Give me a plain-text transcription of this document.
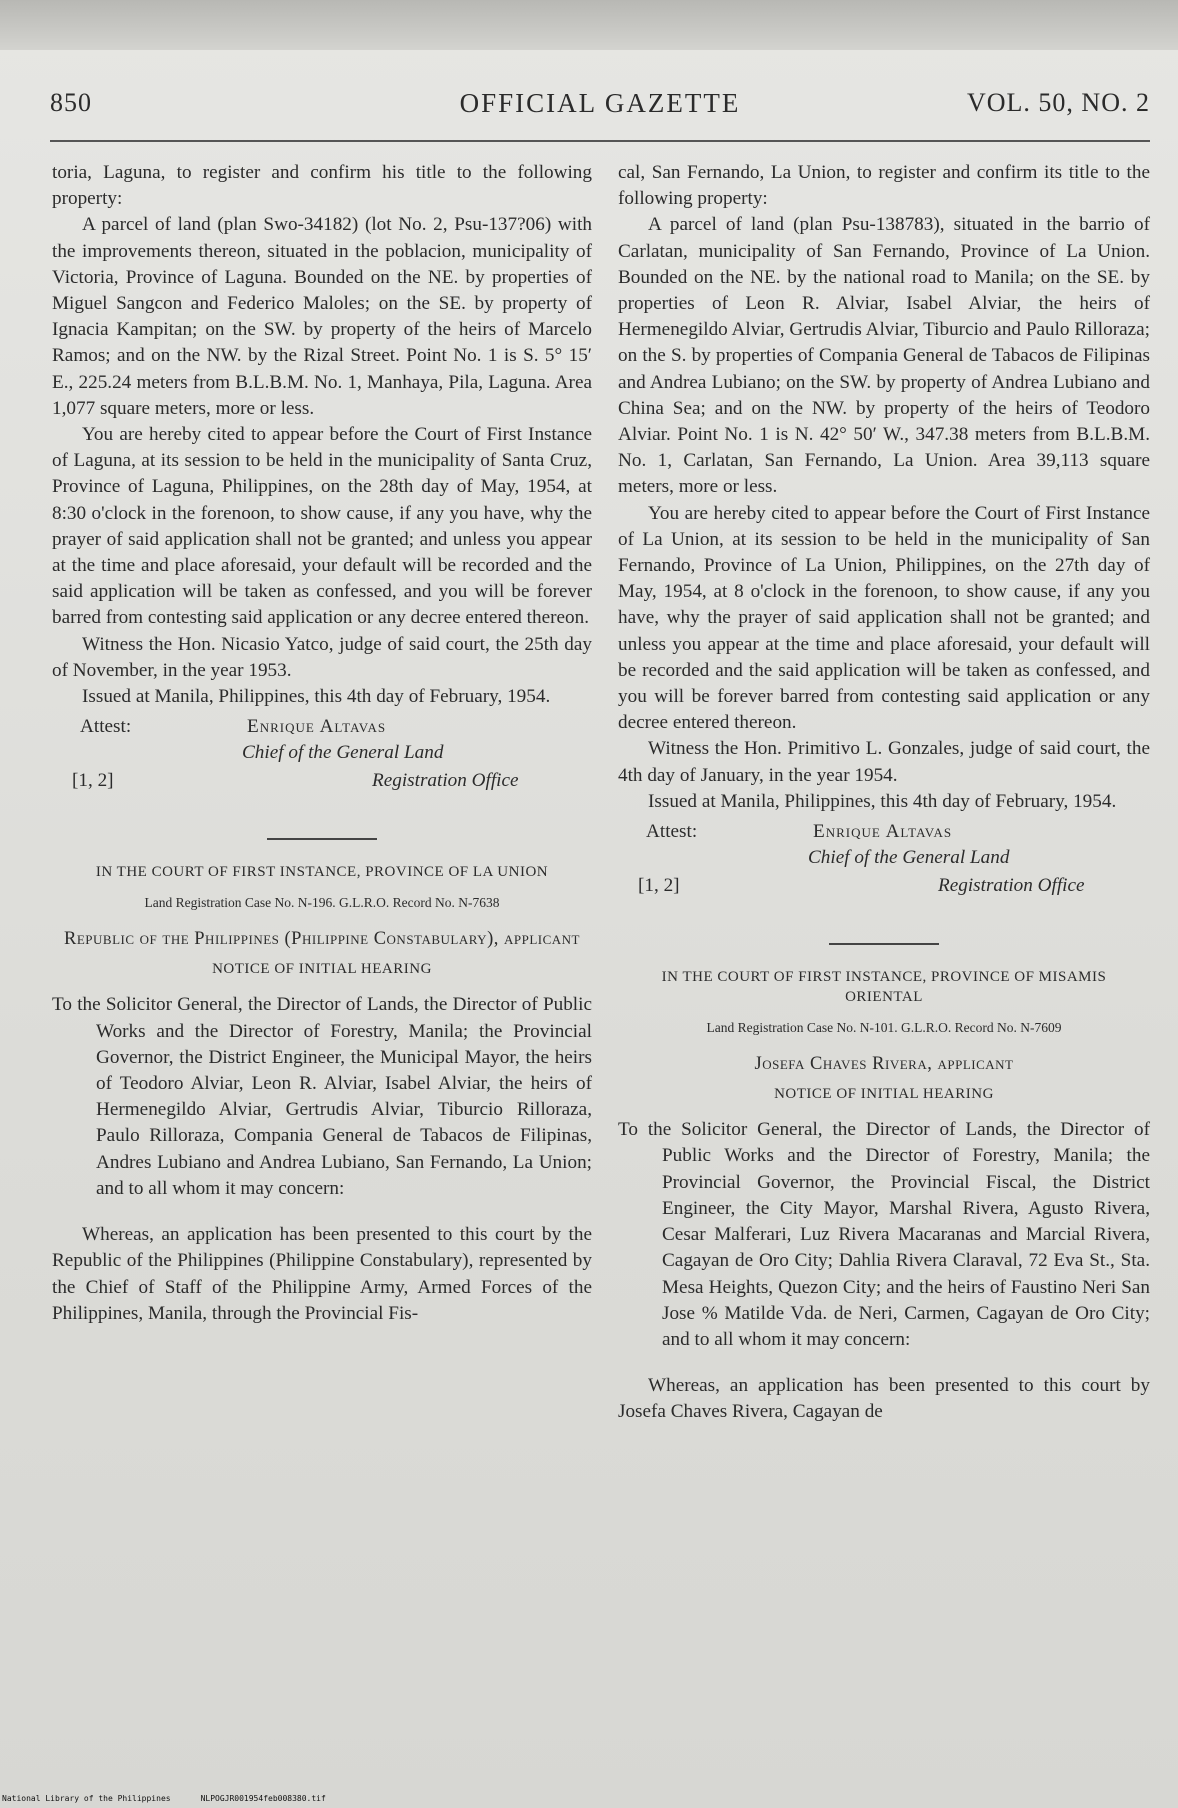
850	OFFICIAL GAZETTE	VOL. 50, NO. 2

toria, Laguna, to register and confirm his title to the following property:

A parcel of land (plan Swo-34182) (lot No. 2, Psu-137?06) with the improvements thereon, situated in the poblacion, municipality of Victoria, Province of Laguna. Bounded on the NE. by properties of Miguel Sangcon and Federico Maloles; on the SE. by property of Ignacia Kampitan; on the SW. by property of the heirs of Marcelo Ramos; and on the NW. by the Rizal Street. Point No. 1 is S. 5° 15′ E., 225.24 meters from B.L.B.M. No. 1, Manhaya, Pila, Laguna. Area 1,077 square meters, more or less.

You are hereby cited to appear before the Court of First Instance of Laguna, at its session to be held in the municipality of Santa Cruz, Province of Laguna, Philippines, on the 28th day of May, 1954, at 8:30 o'clock in the forenoon, to show cause, if any you have, why the prayer of said application shall not be granted; and unless you appear at the time and place aforesaid, your default will be recorded and the said application will be taken as confessed, and you will be forever barred from contesting said application or any decree entered thereon.

Witness the Hon. Nicasio Yatco, judge of said court, the 25th day of November, in the year 1953.

Issued at Manila, Philippines, this 4th day of February, 1954.

Attest:	Enrique Altavas
Chief of the General Land
[1, 2]	Registration Office
IN THE COURT OF FIRST INSTANCE, PROVINCE OF LA UNION
Land Registration Case No. N-196. G.L.R.O. Record No. N-7638
Republic of the Philippines (Philippine Constabulary), applicant
NOTICE OF INITIAL HEARING

To the Solicitor General, the Director of Lands, the Director of Public Works and the Director of Forestry, Manila; the Provincial Governor, the District Engineer, the Municipal Mayor, the heirs of Teodoro Alviar, Leon R. Alviar, Isabel Alviar, the heirs of Hermenegildo Alviar, Gertrudis Alviar, Tiburcio Rilloraza, Paulo Rilloraza, Compania General de Tabacos de Filipinas, Andres Lubiano and Andrea Lubiano, San Fernando, La Union; and to all whom it may concern:

Whereas, an application has been presented to this court by the Republic of the Philippines (Philippine Constabulary), represented by the Chief of Staff of the Philippine Army, Armed Forces of the Philippines, Manila, through the Provincial Fis-

cal, San Fernando, La Union, to register and confirm its title to the following property:

A parcel of land (plan Psu-138783), situated in the barrio of Carlatan, municipality of San Fernando, Province of La Union. Bounded on the NE. by the national road to Manila; on the SE. by properties of Leon R. Alviar, Isabel Alviar, the heirs of Hermenegildo Alviar, Gertrudis Alviar, Tiburcio and Paulo Rilloraza; on the S. by properties of Compania General de Tabacos de Filipinas and Andrea Lubiano; on the SW. by property of Andrea Lubiano and China Sea; and on the NW. by property of the heirs of Teodoro Alviar. Point No. 1 is N. 42° 50′ W., 347.38 meters from B.L.B.M. No. 1, Carlatan, San Fernando, La Union. Area 39,113 square meters, more or less.

You are hereby cited to appear before the Court of First Instance of La Union, at its session to be held in the municipality of San Fernando, Province of La Union, Philippines, on the 27th day of May, 1954, at 8 o'clock in the forenoon, to show cause, if any you have, why the prayer of said application shall not be granted; and unless you appear at the time and place aforesaid, your default will be recorded and the said application will be taken as confessed, and you will be forever barred from contesting said application or any decree entered thereon.

Witness the Hon. Primitivo L. Gonzales, judge of said court, the 4th day of January, in the year 1954.

Issued at Manila, Philippines, this 4th day of February, 1954.

Attest:	Enrique Altavas
Chief of the General Land
[1, 2]	Registration Office
IN THE COURT OF FIRST INSTANCE, PROVINCE OF MISAMIS ORIENTAL
Land Registration Case No. N-101. G.L.R.O. Record No. N-7609
Josefa Chaves Rivera, applicant
NOTICE OF INITIAL HEARING

To the Solicitor General, the Director of Lands, the Director of Public Works and the Director of Forestry, Manila; the Provincial Governor, the Provincial Fiscal, the District Engineer, the City Mayor, Marshal Rivera, Agusto Rivera, Cesar Malferari, Luz Rivera Macaranas and Marcial Rivera, Cagayan de Oro City; Dahlia Rivera Claraval, 72 Eva St., Sta. Mesa Heights, Quezon City; and the heirs of Faustino Neri San Jose % Matilde Vda. de Neri, Carmen, Cagayan de Oro City; and to all whom it may concern:

Whereas, an application has been presented to this court by Josefa Chaves Rivera, Cagayan de

National Library of the Philippines	NLPOGJR001954feb008380.tif
